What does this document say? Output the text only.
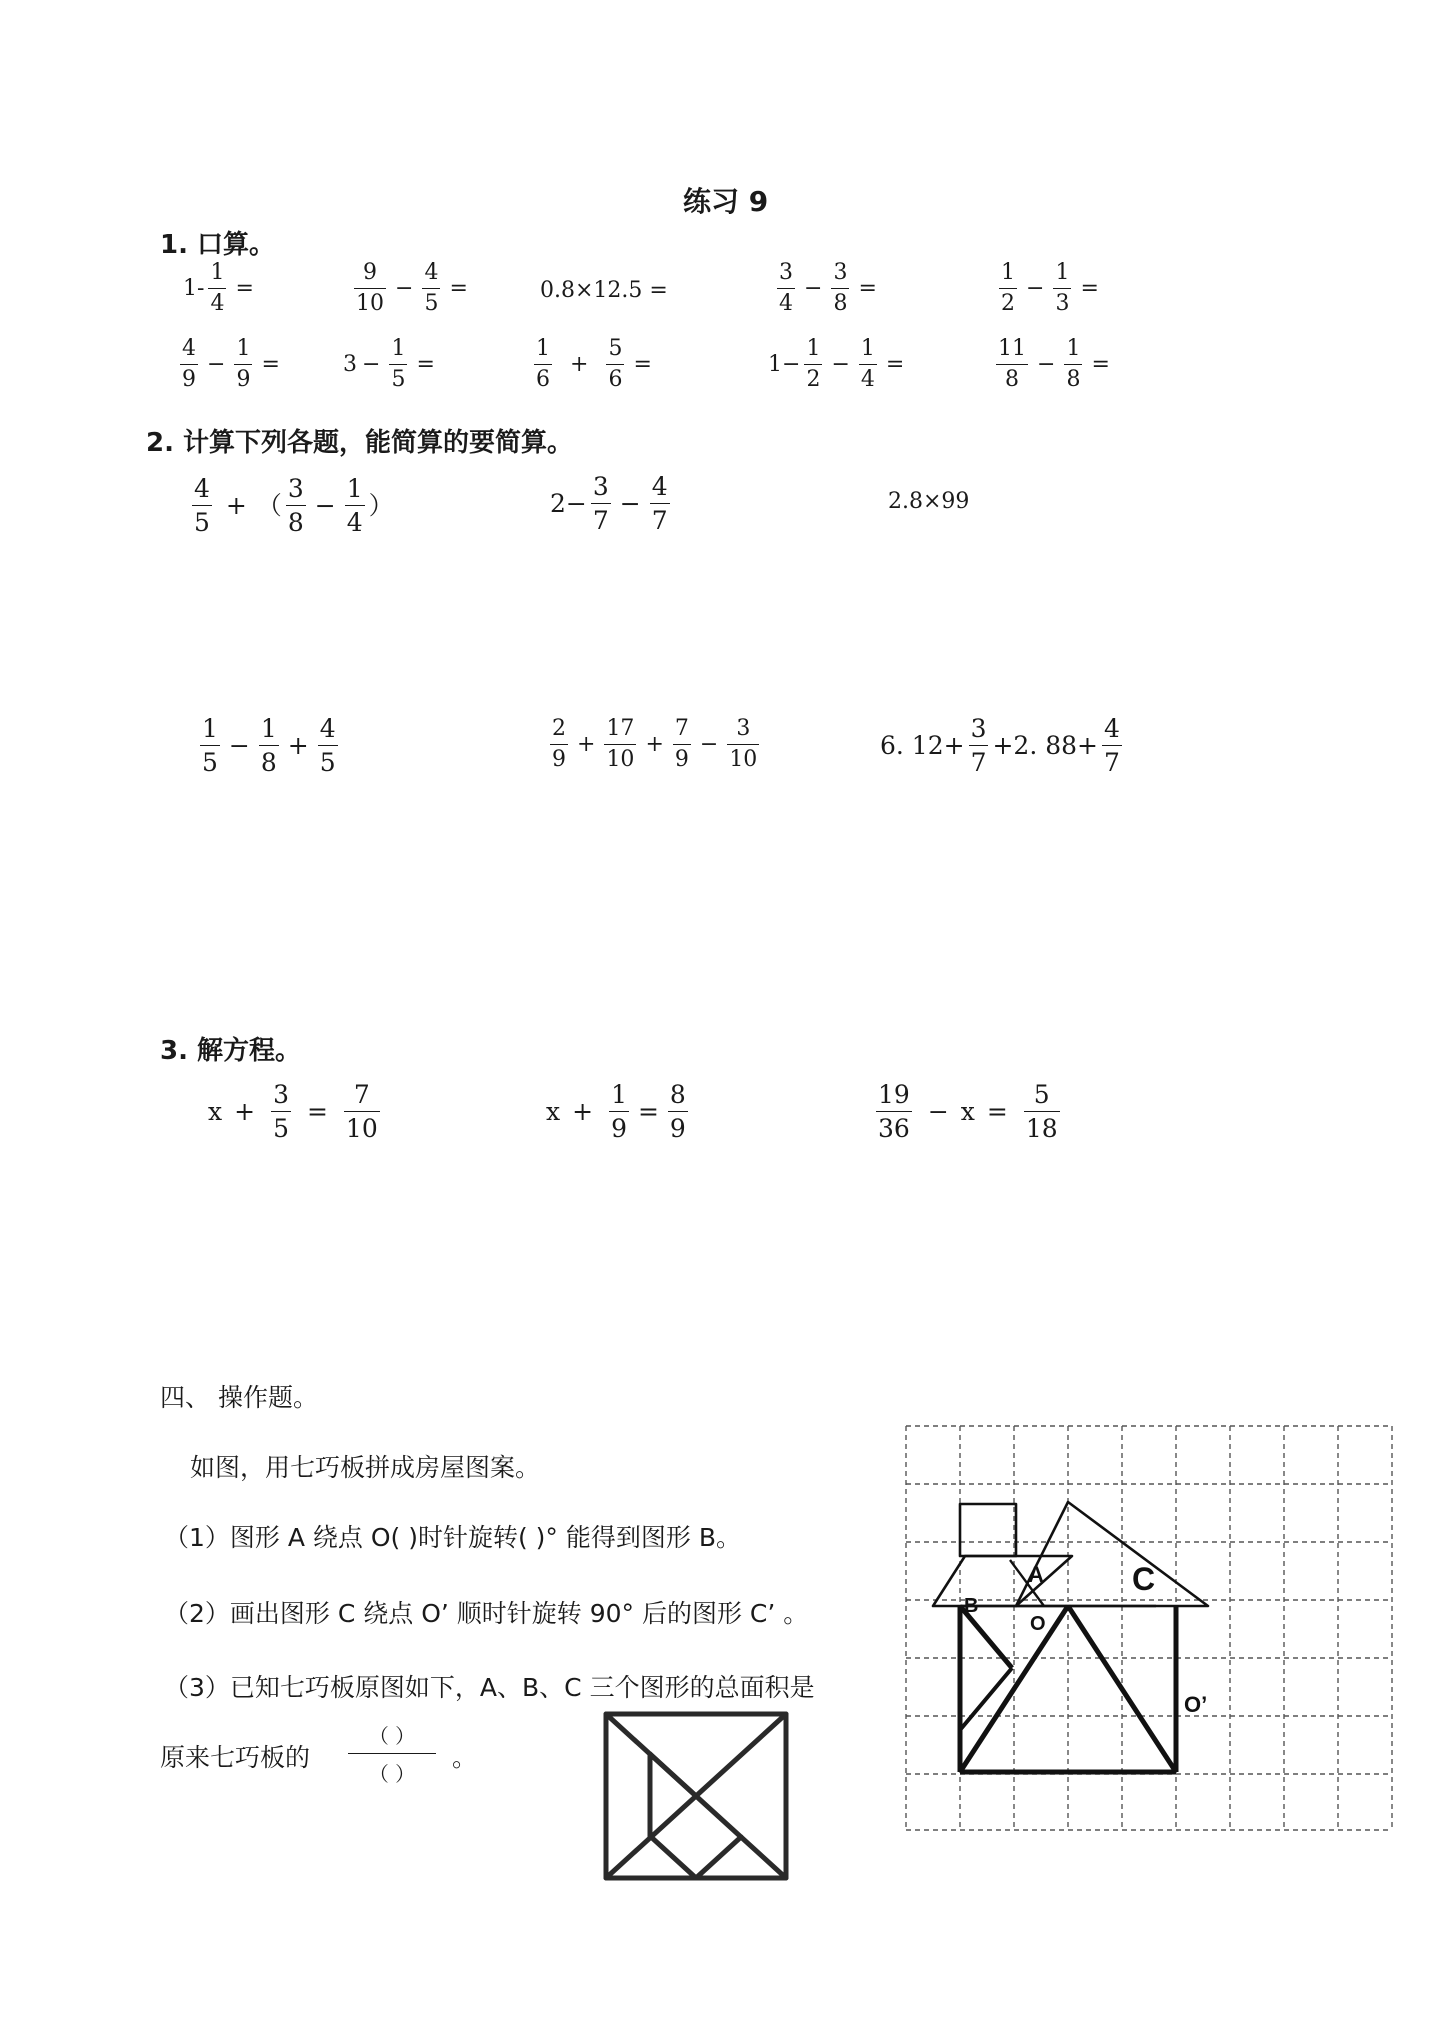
练习 9
1. 口算。
$1- \frac{1}{4}$ =	$\frac{9}{10} - \frac{4}{5}$ =	0.8×12.5 =	$\frac{3}{4} - \frac{3}{8}$ =	$\frac{1}{2} - \frac{1}{3}$ =
$\frac{4}{9} - \frac{1}{9}$ =	$3 - \frac{1}{5}$ =	$\frac{1}{6} + \frac{5}{6}$ =	$1- \frac{1}{2} - \frac{1}{4}$ =	$\frac{11}{8} - \frac{1}{8}$ =
2. 计算下列各题，能简算的要简算。
$\frac{4}{5}$ + （ $\frac{3}{8} - \frac{1}{4}$ ）	$2- \frac{3}{7} - \frac{4}{7}$	2.8×99
$\frac{1}{5} - \frac{1}{8} + \frac{4}{5}$	$\frac{2}{9} + \frac{17}{10} + \frac{7}{9} - \frac{3}{10}$	6. $12+ \frac{3}{7} +2$. $88+ \frac{4}{7}$
3. 解方程。
$x + \frac{3}{5} = \frac{7}{10}$	$x + \frac{1}{9} = \frac{8}{9}$	$\frac{19}{36} - x = \frac{5}{18}$
四、 操作题。
如图，用七巧板拼成房屋图案。
（1）图形 A 绕点 O( )时针旋转( )° 能得到图形 B。
（2）画出图形 C 绕点 O’ 顺时针旋转 90° 后的图形 C’ 。
（3）已知七巧板原图如下，A、B、C 三个图形的总面积是
原来七巧板的
（ ）
（ ）
。
A
B
O
C
O’
